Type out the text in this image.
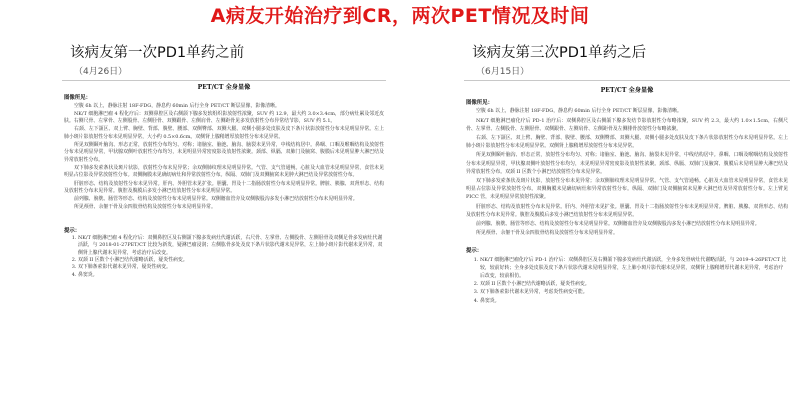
A病友开始治疗到CR，两次PET情况及时间
该病友第一次PD1单药之前
（4月26日）
PET/CT 全身显像
图像所见：

空腹 6h 以上，静脉注射 18F-FDG，静息约 60min 后行全身 PET/CT 断层显像，影像清晰。

NK/T 细胞淋巴瘤 4 程化疗后：双侧鼻腔区及右侧颌下腺多发软组织影放射性浓聚，SUV 约 12.9，最大约 3.0×3.4cm，部分病灶累及邻近皮肤。右侧尺骨、左掌骨、左侧股骨、左侧胫骨、双侧跟骨、左侧肩骨、左侧距骨见多发放射性分布异常结节影，SUV 约 5.1。

右颈、左下颌区、双上臂、胸壁、背部、腹壁、腰部、双侧臀部、双侧大腿、双侧小腿多处皮肤及皮下条片状影放射性分布未见明显异常。左上肺小斑片影放射性分布未见明显异常，大小约 0.5×0.6cm。双侧肾上腺稍增厚放射性分布未见异常。

所见双侧颞叶脑沟、形态正常，放射性分布均匀、对称；诸脑室、脑池、脑沟、脑裂未见异常，中线结构居中。鼻咽、口咽及喉咽结构及放射性分布未见明显异常，甲状腺双侧叶放射性分布均匀，未见明显异常密度影及放射性浓聚。颈部、纵膈、双肺门及腋窝、腹膜后未见明显肿大淋巴结及异常放射性分布。

双下肺多发索条状及斑片状影，放射性分布未见异常；余双侧肺纹理未见明显异常。气管、支气管通畅。心脏及大血管未见明显异常，食管未见明显占位影及异常放射性分布。双侧胸膜未见确切病灶和异常放射性分布。纵隔、双肺门及双侧腋窝未见肿大淋巴结及异常放射性分布。

肝脏形态、结构及放射性分布未见异常。肝内、外胆管未见扩张。胆囊、胃及十二指肠放射性分布未见明显异常。脾脏、胰腺、双肾形态、结构及放射性分布未见异常。腹腔及腹膜后多发小淋巴结放射性分布未见明显异常。

前列腺、膀胱、肠管等形态、结构及放射性分布未见明显异常。双侧髂血管旁及双侧腹股沟多发小淋巴结放射性分布未见明显异常。

所见颅骨、余躯干骨及余四肢骨结构及放射性分布未见明显异常。

提示：
1. NK/T 细胞淋巴瘤 4 程化疗后：双侧鼻腔区及右侧颌下腺多发病灶代谢活跃，右尺骨、左掌骨、左侧股骨、左侧胫骨及双侧足骨多发病灶代谢活跃，与 2018-01-27PET/CT 比较为新发，疑淋巴瘤浸润；左侧肱骨多处及皮下条片状影代谢未见异常，左上肺小斑片影代谢未见异常，双侧肾上腺代谢未见异常，考虑治疗后改变。
2. 双颈 II 区数个小淋巴结代谢略活跃，疑炎性病变。
3. 双下肺条索影代谢未见异常，疑炎性病变。
4. 鼻窦炎。
该病友第三次PD1单药之后
（6月15日）
PET/CT 全身显像
图像所见：

空腹 6h 以上，静脉注射 18F-FDG，静息约 60min 后行全身 PET/CT 断层显像，影像清晰。

NK/T 细胞淋巴瘤化疗后 PD-1 治疗后：双侧鼻腔区及右侧颌下腺多发结节影放射性分布略浓聚，SUV 约 2.3，最大约 1.0×1.5cm，右侧尺骨、左掌骨、左侧股骨、左侧胫骨、双侧跟骨、左侧肩骨、左侧距骨及左侧腓骨放射性分布略浓聚。

右颈、左下颌区、双上臂、胸壁、背部、腹壁、腰部、双侧臀部、双侧大腿、双侧小腿多处皮肤及皮下条片状影放射性分布未见明显异常。左上肺小斑片影放射性分布未见明显异常。双侧肾上腺稍增厚放射性分布未见异常。

所见双侧颞叶脑沟、形态正常，放射性分布均匀、对称；诸脑室、脑池、脑沟、脑裂未见异常，中线结构居中。鼻咽、口咽及喉咽结构及放射性分布未见明显异常，甲状腺双侧叶放射性分布均匀，未见明显异常密度影及放射性浓聚。颈部、纵膈、双肺门及腋窝、腹膜后未见明显肿大淋巴结及异常放射性分布。双颈 II 区数个小淋巴结放射性分布未见异常。

双下肺多发索条状及斑片状影，放射性分布未见异常；余双侧肺纹理未见明显异常。气管、支气管通畅。心脏及大血管未见明显异常，食管未见明显占位影及异常放射性分布。双侧胸膜未见确切病灶和异常放射性分布。纵隔、双肺门及双侧腋窝未见肿大淋巴结及异常放射性分布。左上臂见 PICC 管，未见明显异常放射性浓聚。

肝脏形态、结构及放射性分布未见异常。肝内、外胆管未见扩张。胆囊、胃及十二指肠放射性分布未见明显异常。脾脏、胰腺、双肾形态、结构及放射性分布未见异常。腹腔及腹膜后多发小淋巴结放射性分布未见明显异常。

前列腺、膀胱、肠管等形态、结构及放射性分布未见明显异常。双侧髂血管旁及双侧腹股沟多发小淋巴结放射性分布未见明显异常。

所见颅骨、余躯干骨及余四肢骨结构及放射性分布未见明显异常。

提示：
1. NK/T 细胞淋巴瘤化疗后 PD-1 治疗后：双侧鼻腔区及右侧颌下腺多发病灶代谢活跃，全身多发骨病灶代谢略活跃，与 2019-4-26PET/CT 比较，较前好转；全身多处皮肤及皮下条片状影代谢未见明显异常，左上肺小斑片影代谢未见异常，双侧肾上腺稍增厚代谢未见异常，考虑治疗后改变，较前相仿。
2. 双颈 II 区数个小淋巴结代谢略活跃，疑炎性病变。
3. 双下肺条索影代谢未见异常，考虑炎性病变可能。
4. 鼻窦炎。
